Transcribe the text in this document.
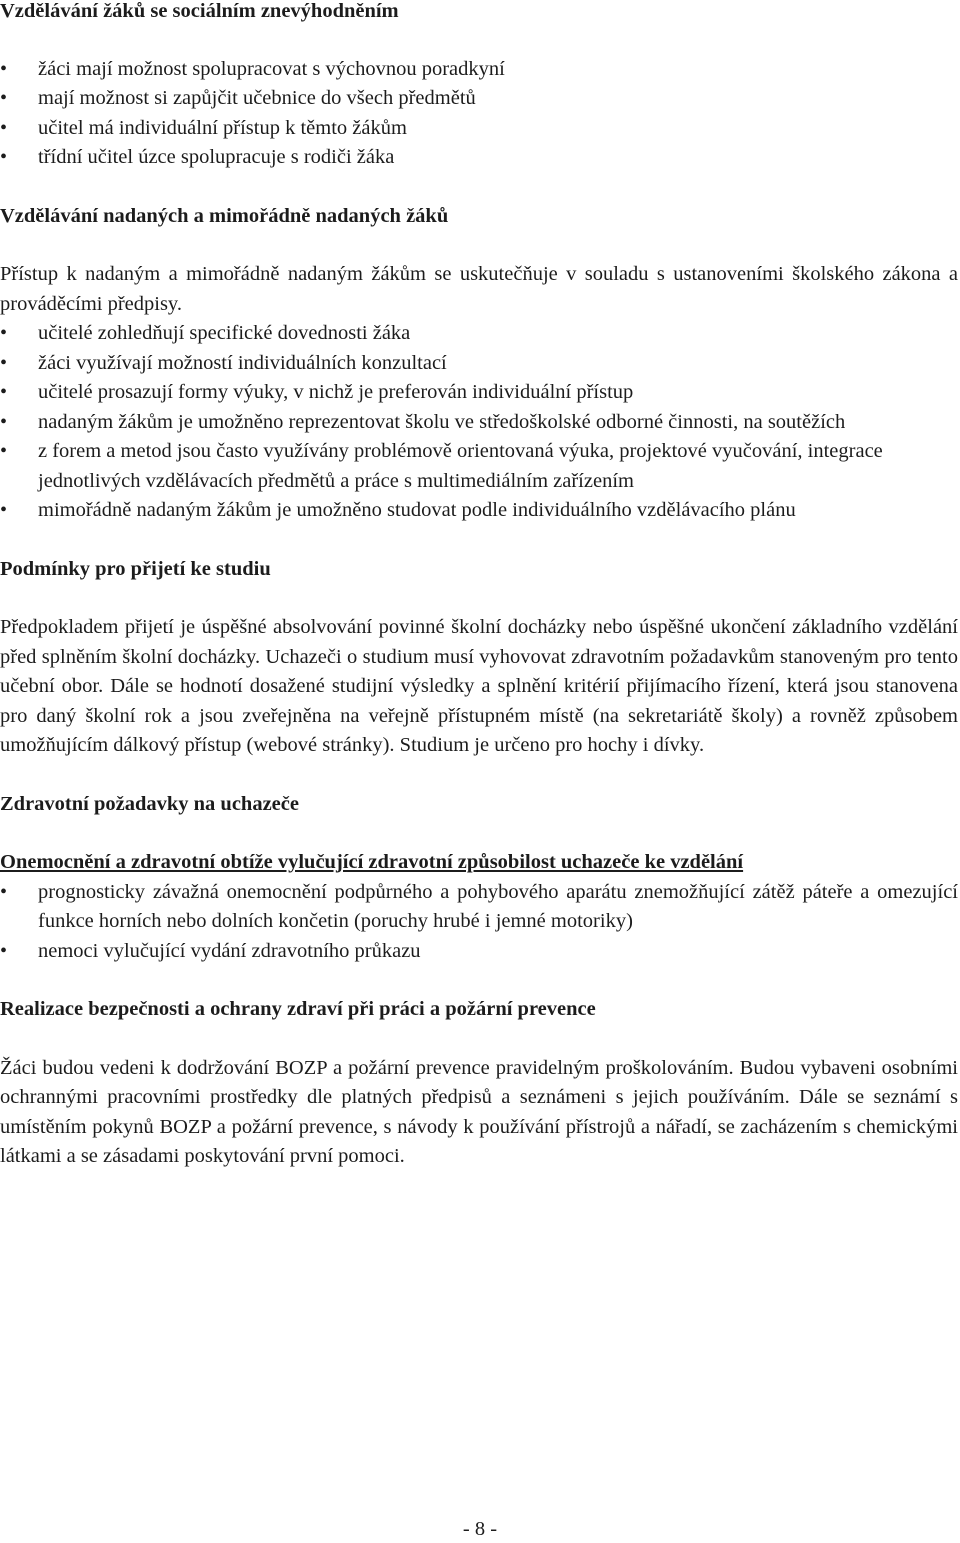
Vzdělávání žáků se sociálním znevýhodněním
•	žáci mají možnost spolupracovat s výchovnou poradkyní
•	mají možnost si zapůjčit učebnice do všech předmětů
•	učitel má individuální přístup k těmto žákům
•	třídní učitel úzce spolupracuje s rodiči žáka
Vzdělávání nadaných a mimořádně nadaných žáků

Přístup k nadaným a mimořádně nadaným žákům se uskutečňuje v souladu s ustanoveními školského zákona a prováděcími předpisy.

•	učitelé zohledňují specifické dovednosti žáka
•	žáci využívají možností individuálních konzultací
•	učitelé prosazují formy výuky, v nichž je preferován individuální přístup
•	nadaným žákům je umožněno reprezentovat školu ve středoškolské odborné činnosti, na soutěžích
•	z forem a metod jsou často využívány problémově orientovaná výuka, projektové vyučování, integrace jednotlivých vzdělávacích předmětů a práce s multimediálním zařízením
•	mimořádně nadaným žákům je umožněno studovat podle individuálního vzdělávacího plánu
Podmínky pro přijetí ke studiu

Předpokladem přijetí je úspěšné absolvování povinné školní docházky nebo úspěšné ukončení základního vzdělání před splněním školní docházky. Uchazeči o studium musí vyhovovat zdravotním požadavkům stanoveným pro tento učební obor. Dále se hodnotí dosažené studijní výsledky a splnění kritérií přijímacího řízení, která jsou stanovena pro daný školní rok a jsou zveřejněna na veřejně přístupném místě (na sekretariátě školy) a rovněž způsobem umožňujícím dálkový přístup (webové stránky). Studium je určeno pro hochy i dívky.

Zdravotní požadavky na uchazeče
Onemocnění a zdravotní obtíže vylučující zdravotní způsobilost uchazeče ke vzdělání
•	prognosticky závažná onemocnění podpůrného a pohybového aparátu znemožňující zátěž páteře a omezující funkce horních nebo dolních končetin (poruchy hrubé i jemné motoriky)
•	nemoci vylučující vydání zdravotního průkazu
Realizace bezpečnosti a ochrany zdraví při práci a požární prevence

Žáci budou vedeni k dodržování BOZP a požární prevence pravidelným proškolováním. Budou vybaveni osobními ochrannými pracovními prostředky dle platných předpisů a seznámeni s jejich používáním. Dále se seznámí s umístěním pokynů BOZP a požární prevence, s návody k používání přístrojů a nářadí, se zacházením s chemickými látkami a se zásadami poskytování první pomoci.

- 8 -
